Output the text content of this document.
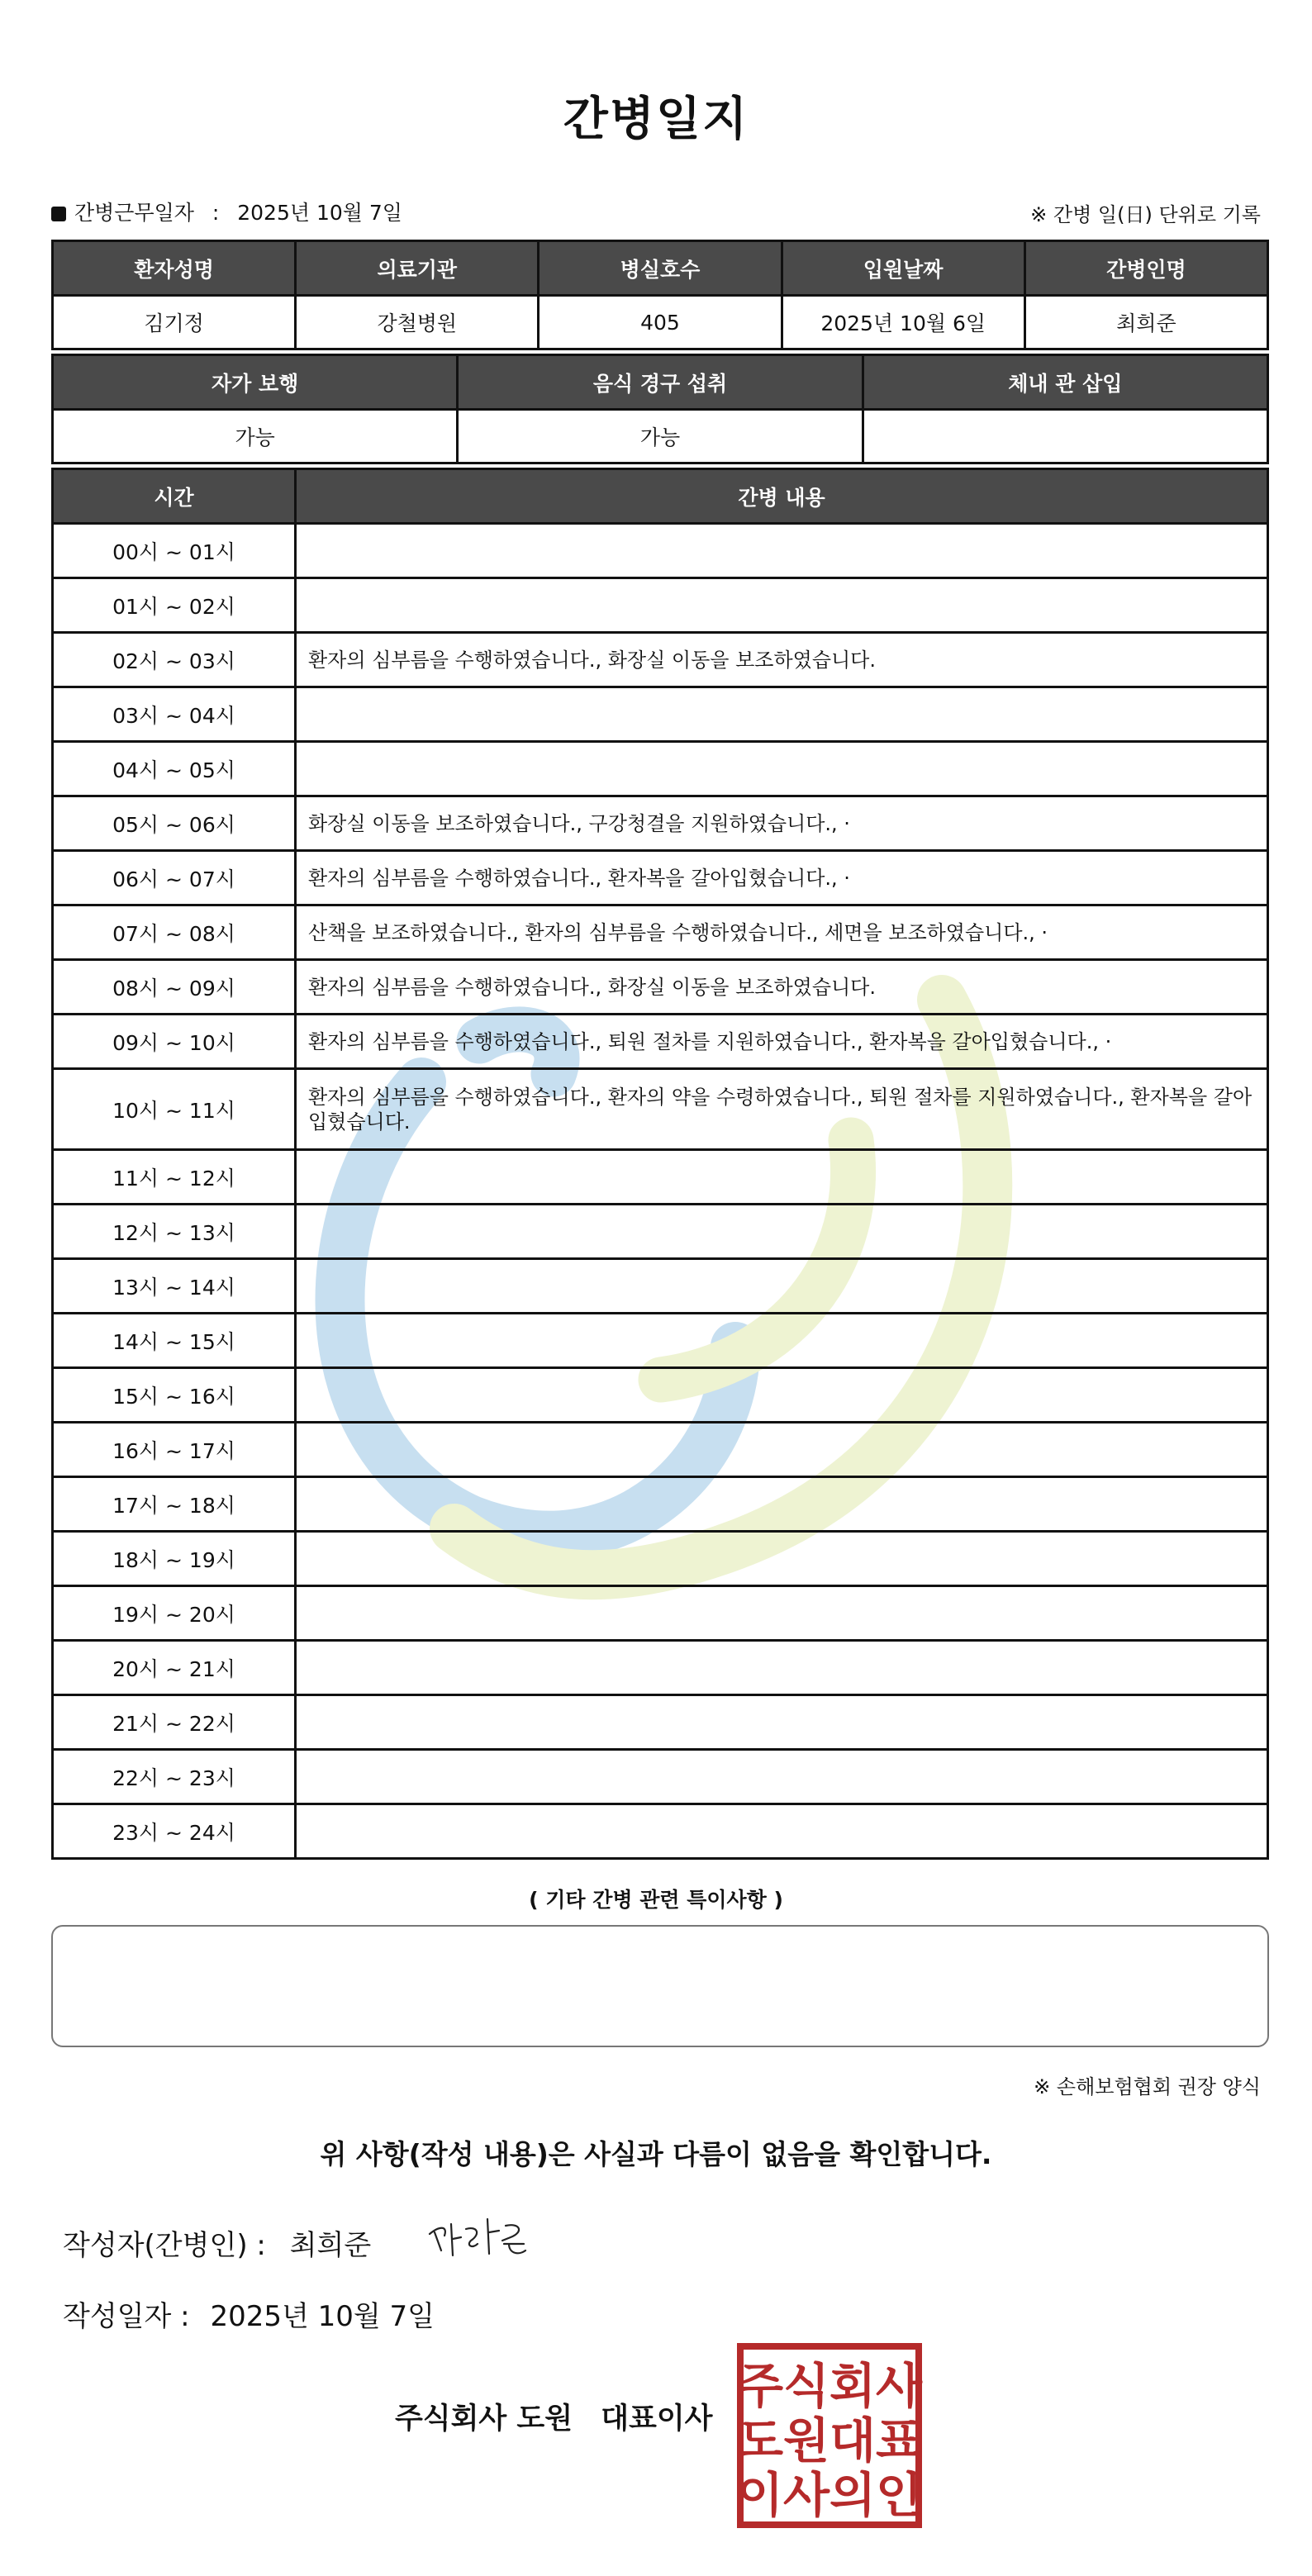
간병일지
간병근무일자 : 2025년 10월 7일	※ 간병 일(日) 단위로 기록
환자성명	의료기관	병실호수	입원날짜	간병인명
김기정	강철병원	405	2025년 10월 6일	최희준
자가 보행	음식 경구 섭취	체내 관 삽입
가능	가능	
시간	간병 내용
00시 ~ 01시	
01시 ~ 02시	
02시 ~ 03시	환자의 심부름을 수행하였습니다., 화장실 이동을 보조하였습니다.
03시 ~ 04시	
04시 ~ 05시	
05시 ~ 06시	화장실 이동을 보조하였습니다., 구강청결을 지원하였습니다., ·
06시 ~ 07시	환자의 심부름을 수행하였습니다., 환자복을 갈아입혔습니다., ·
07시 ~ 08시	산책을 보조하였습니다., 환자의 심부름을 수행하였습니다., 세면을 보조하였습니다., ·
08시 ~ 09시	환자의 심부름을 수행하였습니다., 화장실 이동을 보조하였습니다.
09시 ~ 10시	환자의 심부름을 수행하였습니다., 퇴원 절차를 지원하였습니다., 환자복을 갈아입혔습니다., ·
10시 ~ 11시	환자의 심부름을 수행하였습니다., 환자의 약을 수령하였습니다., 퇴원 절차를 지원하였습니다., 환자복을 갈아입혔습니다.
11시 ~ 12시	
12시 ~ 13시	
13시 ~ 14시	
14시 ~ 15시	
15시 ~ 16시	
16시 ~ 17시	
17시 ~ 18시	
18시 ~ 19시	
19시 ~ 20시	
20시 ~ 21시	
21시 ~ 22시	
22시 ~ 23시	
23시 ~ 24시	
( 기타 간병 관련 특이사항 )
※ 손해보험협회 권장 양식
위 사항(작성 내용)은 사실과 다름이 없음을 확인합니다.
작성자(간병인) : 최희준
작성일자 : 2025년 10월 7일
주식회사 도원 대표이사
주식회사
도원대표
이사의인
